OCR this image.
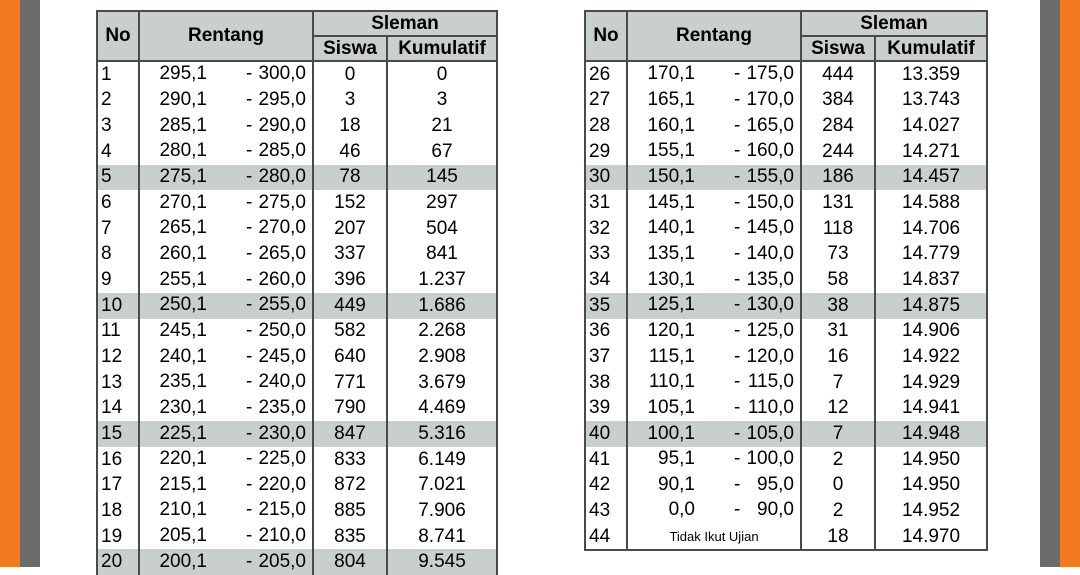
No	Rentang	Sleman	
		Siswa	Kumulatif
1	295,1 - 300,0	0	0
2	290,1 - 295,0	3	3
3	285,1 - 290,0	18	21
4	280,1 - 285,0	46	67
5	275,1 - 280,0	78	145
6	270,1 - 275,0	152	297
7	265,1 - 270,0	207	504
8	260,1 - 265,0	337	841
9	255,1 - 260,0	396	1.237
10	250,1 - 255,0	449	1.686
11	245,1 - 250,0	582	2.268
12	240,1 - 245,0	640	2.908
13	235,1 - 240,0	771	3.679
14	230,1 - 235,0	790	4.469
15	225,1 - 230,0	847	5.316
16	220,1 - 225,0	833	6.149
17	215,1 - 220,0	872	7.021
18	210,1 - 215,0	885	7.906
19	205,1 - 210,0	835	8.741
20	200,1 - 205,0	804	9.545
No	Rentang	Sleman	
		Siswa	Kumulatif
26	170,1 - 175,0	444	13.359
27	165,1 - 170,0	384	13.743
28	160,1 - 165,0	284	14.027
29	155,1 - 160,0	244	14.271
30	150,1 - 155,0	186	14.457
31	145,1 - 150,0	131	14.588
32	140,1 - 145,0	118	14.706
33	135,1 - 140,0	73	14.779
34	130,1 - 135,0	58	14.837
35	125,1 - 130,0	38	14.875
36	120,1 - 125,0	31	14.906
37	115,1 - 120,0	16	14.922
38	110,1 - 115,0	7	14.929
39	105,1 - 110,0	12	14.941
40	100,1 - 105,0	7	14.948
41	95,1 - 100,0	2	14.950
42	90,1 - 95,0	0	14.950
43	0,0 - 90,0	2	14.952
44	Tidak Ikut Ujian	18	14.970
